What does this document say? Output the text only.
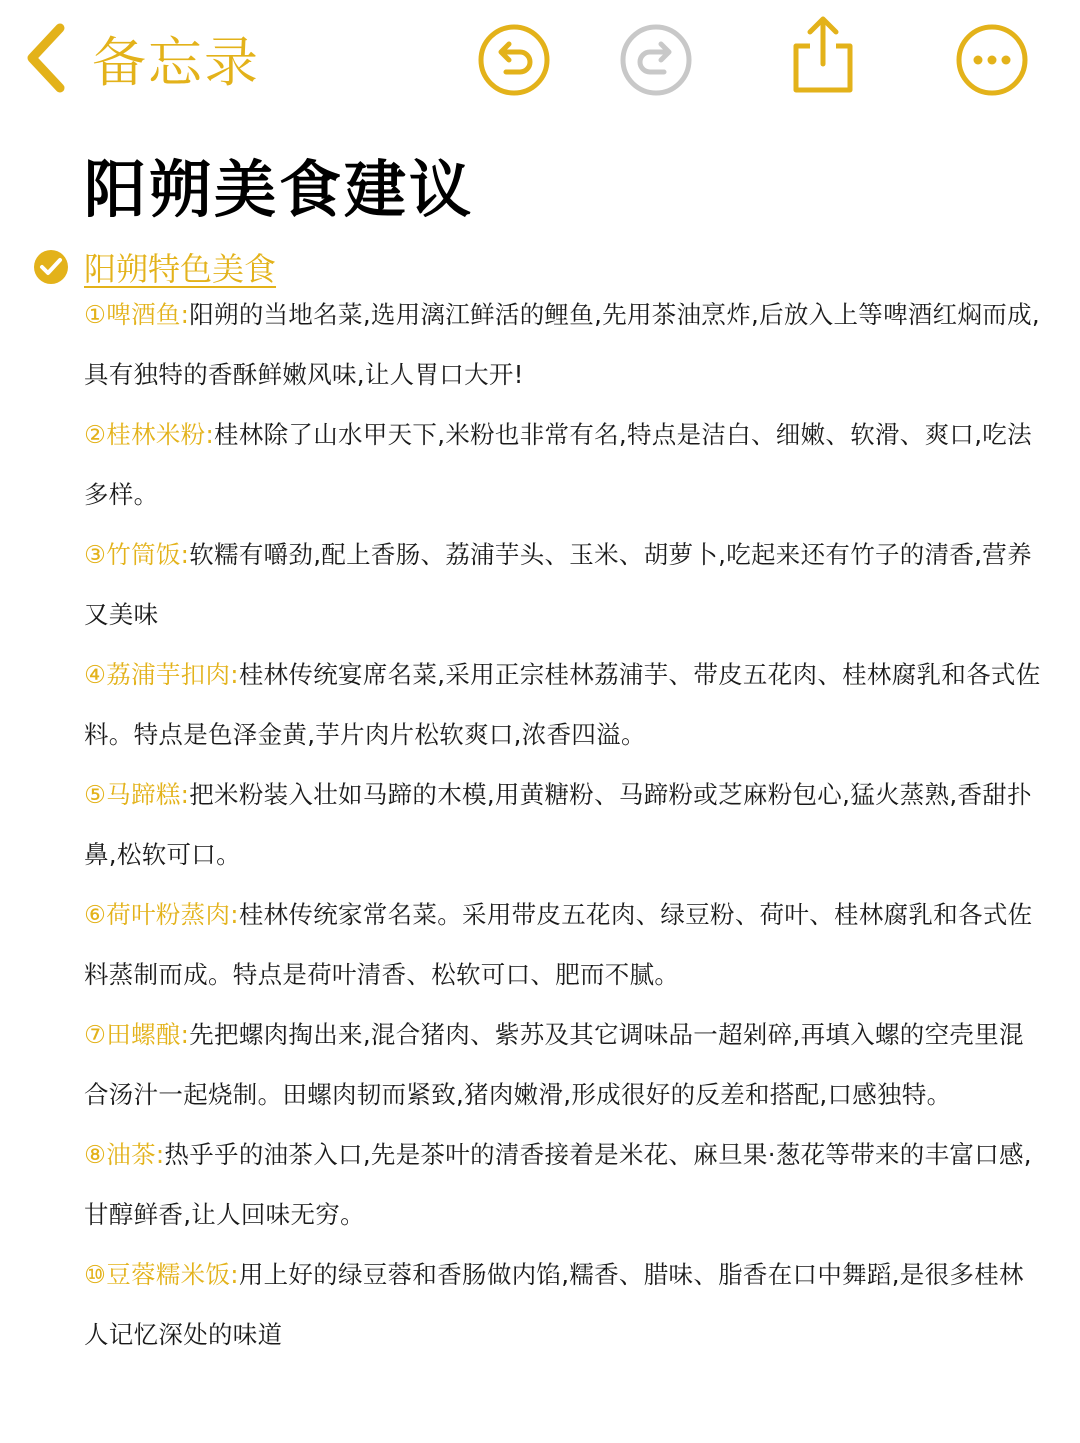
备忘录
阳朔美食建议
阳朔特色美食

①啤酒鱼:阳朔的当地名菜,选用漓江鲜活的鲤鱼,先用茶油烹炸,后放入上等啤酒红焖而成,具有独特的香酥鲜嫩风味,让人胃口大开!

②桂林米粉:桂林除了山水甲天下,米粉也非常有名,特点是洁白、细嫩、软滑、爽口,吃法多样。

③竹筒饭:软糯有嚼劲,配上香肠、荔浦芋头、玉米、胡萝卜,吃起来还有竹子的清香,营养又美味

④荔浦芋扣肉:桂林传统宴席名菜,采用正宗桂林荔浦芋、带皮五花肉、桂林腐乳和各式佐料。特点是色泽金黄,芋片肉片松软爽口,浓香四溢。

⑤马蹄糕:把米粉装入壮如马蹄的木模,用黄糖粉、马蹄粉或芝麻粉包心,猛火蒸熟,香甜扑鼻,松软可口。

⑥荷叶粉蒸肉:桂林传统家常名菜。采用带皮五花肉、绿豆粉、荷叶、桂林腐乳和各式佐料蒸制而成。特点是荷叶清香、松软可口、肥而不腻。

⑦田螺酿:先把螺肉掏出来,混合猪肉、紫苏及其它调味品一超剁碎,再填入螺的空壳里混合汤汁一起烧制。田螺肉韧而紧致,猪肉嫩滑,形成很好的反差和搭配,口感独特。

⑧油茶:热乎乎的油茶入口,先是茶叶的清香接着是米花、麻旦果·葱花等带来的丰富口感,甘醇鲜香,让人回味无穷。

⑩豆蓉糯米饭:用上好的绿豆蓉和香肠做内馅,糯香、腊味、脂香在口中舞蹈,是很多桂林人记忆深处的味道
